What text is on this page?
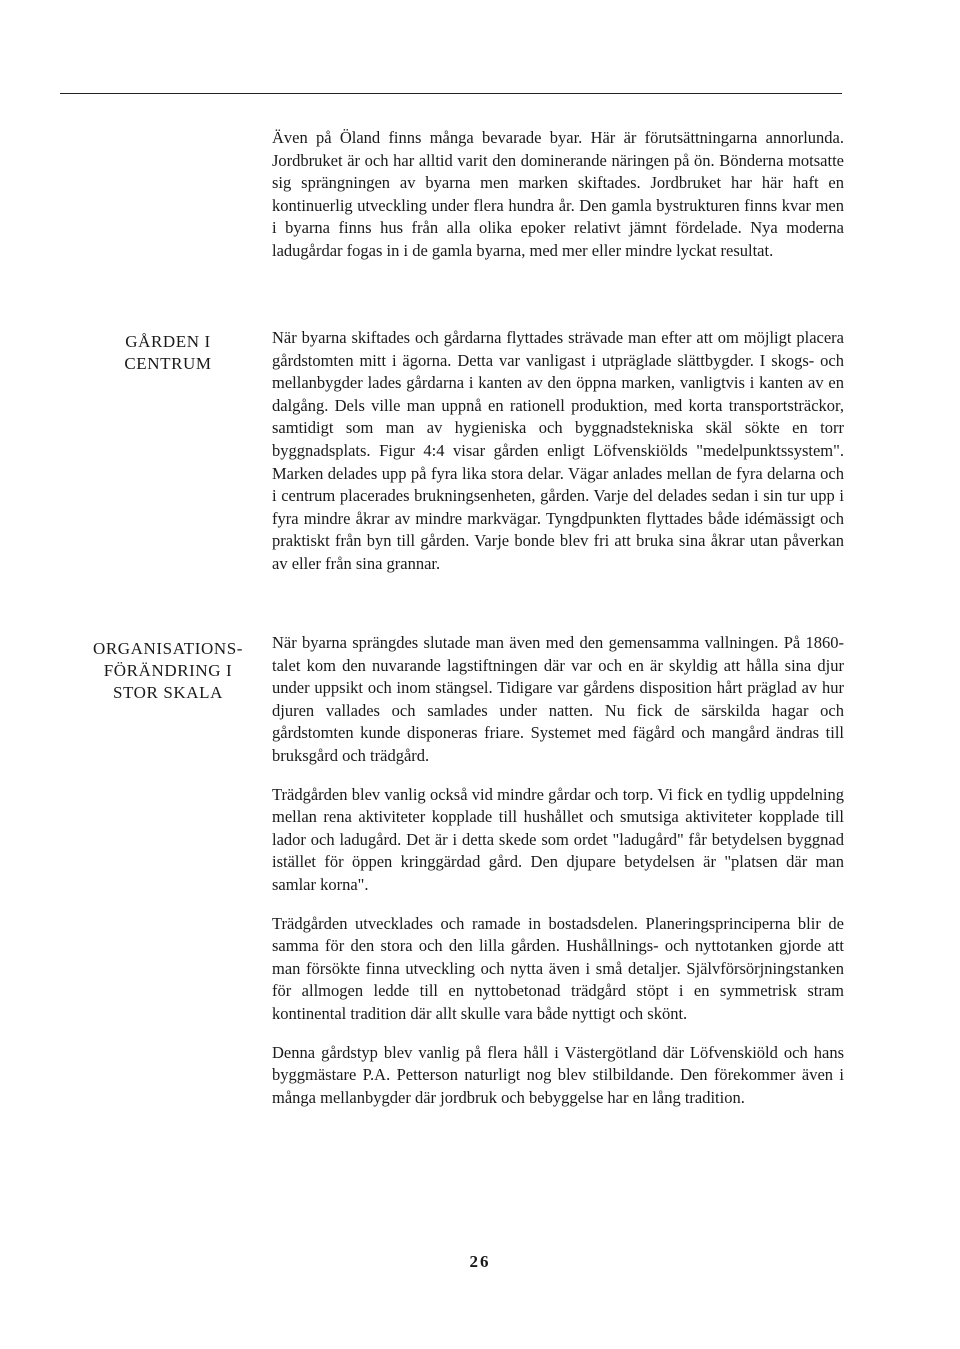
Även på Öland finns många bevarade byar. Här är förutsättningarna annorlunda. Jordbruket är och har alltid varit den dominerande näringen på ön. Bönderna motsatte sig sprängningen av byarna men marken skiftades. Jordbruket har här haft en kontinuerlig utveckling under flera hundra år. Den gamla bystrukturen finns kvar men i byarna finns hus från alla olika epoker relativt jämnt fördelade. Nya moderna ladugårdar fogas in i de gamla byarna, med mer eller mindre lyckat resultat.

GÅRDEN I
CENTRUM

När byarna skiftades och gårdarna flyttades strävade man efter att om möjligt placera gårdstomten mitt i ägorna. Detta var vanligast i utpräglade slättbygder. I skogs- och mellanbygder lades gårdarna i kanten av den öppna marken, vanligtvis i kanten av en dalgång. Dels ville man uppnå en rationell produktion, med korta transportsträckor, samtidigt som man av hygieniska och byggnadstekniska skäl sökte en torr byggnadsplats. Figur 4:4 visar gården enligt Löfvenskiölds "medelpunktssystem". Marken delades upp på fyra lika stora delar. Vägar anlades mellan de fyra delarna och i centrum placerades brukningsenheten, gården. Varje del delades sedan i sin tur upp i fyra mindre åkrar av mindre markvägar. Tyngdpunkten flyttades både idémässigt och praktiskt från byn till gården. Varje bonde blev fri att bruka sina åkrar utan påverkan av eller från sina grannar.

ORGANISATIONS-
FÖRÄNDRING I
STOR SKALA

När byarna sprängdes slutade man även med den gemensamma vallningen. På 1860-talet kom den nuvarande lagstiftningen där var och en är skyldig att hålla sina djur under uppsikt och inom stängsel. Tidigare var gårdens disposition hårt präglad av hur djuren vallades och samlades under natten. Nu fick de särskilda hagar och gårdstomten kunde disponeras friare. Systemet med fägård och mangård ändras till bruksgård och trädgård.

Trädgården blev vanlig också vid mindre gårdar och torp. Vi fick en tydlig uppdelning mellan rena aktiviteter kopplade till hushållet och smutsiga aktiviteter kopplade till lador och ladugård. Det är i detta skede som ordet "ladugård" får betydelsen byggnad istället för öppen kringgärdad gård. Den djupare betydelsen är "platsen där man samlar korna".

Trädgården utvecklades och ramade in bostadsdelen. Planeringsprinciperna blir de samma för den stora och den lilla gården. Hushållnings- och nyttotanken gjorde att man försökte finna utveckling och nytta även i små detaljer. Självförsörjningstanken för allmogen ledde till en nyttobetonad trädgård stöpt i en symmetrisk stram kontinental tradition där allt skulle vara både nyttigt och skönt.

Denna gårdstyp blev vanlig på flera håll i Västergötland där Löfvenskiöld och hans byggmästare P.A. Petterson naturligt nog blev stilbildande. Den förekommer även i många mellanbygder där jordbruk och bebyggelse har en lång tradition.

26
